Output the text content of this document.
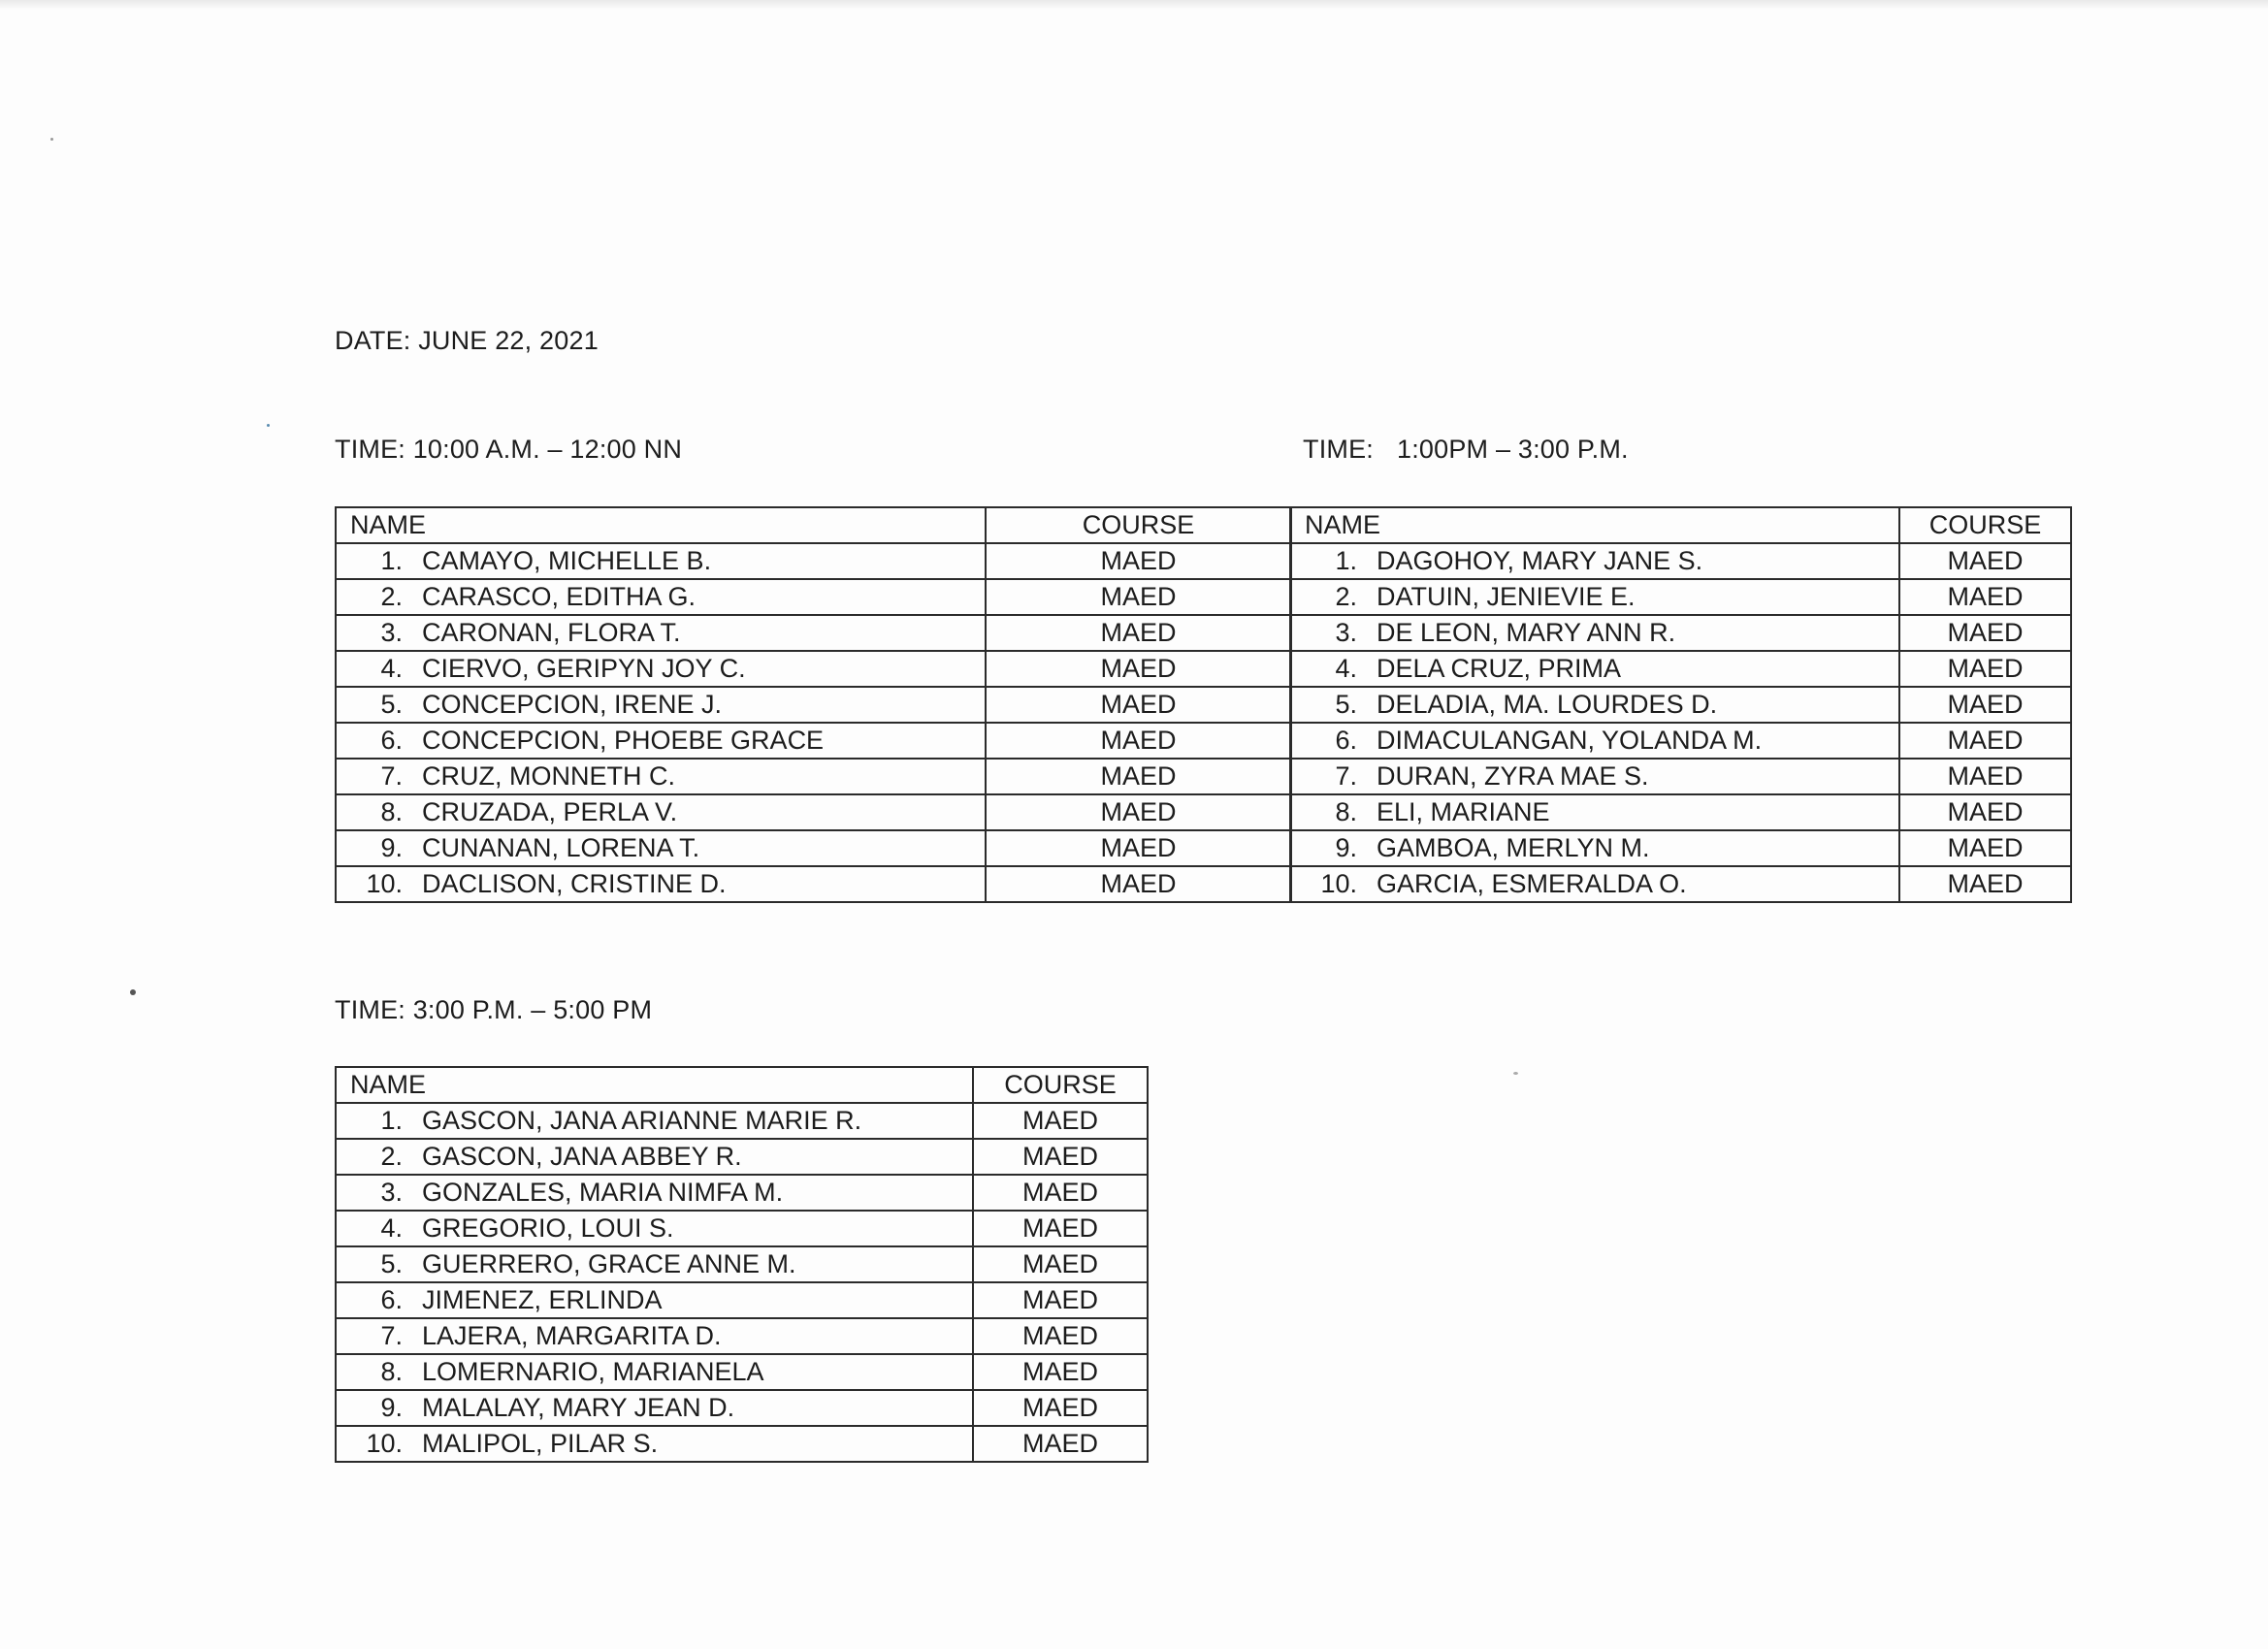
DATE: JUNE 22, 2021
TIME: 10:00 A.M. – 12:00 NN	TIME: 1:00PM – 3:00 P.M.
TIME: 3:00 P.M. – 5:00 PM
NAME	COURSE
1. CAMAYO, MICHELLE B.	MAED
2. CARASCO, EDITHA G.	MAED
3. CARONAN, FLORA T.	MAED
4. CIERVO, GERIPYN JOY C.	MAED
5. CONCEPCION, IRENE J.	MAED
6. CONCEPCION, PHOEBE GRACE	MAED
7. CRUZ, MONNETH C.	MAED
8. CRUZADA, PERLA V.	MAED
9. CUNANAN, LORENA T.	MAED
10. DACLISON, CRISTINE D.	MAED
NAME	COURSE
1. DAGOHOY, MARY JANE S.	MAED
2. DATUIN, JENIEVIE E.	MAED
3. DE LEON, MARY ANN R.	MAED
4. DELA CRUZ, PRIMA	MAED
5. DELADIA, MA. LOURDES D.	MAED
6. DIMACULANGAN, YOLANDA M.	MAED
7. DURAN, ZYRA MAE S.	MAED
8. ELI, MARIANE	MAED
9. GAMBOA, MERLYN M.	MAED
10. GARCIA, ESMERALDA O.	MAED
NAME	COURSE
1. GASCON, JANA ARIANNE MARIE R.	MAED
2. GASCON, JANA ABBEY R.	MAED
3. GONZALES, MARIA NIMFA M.	MAED
4. GREGORIO, LOUI S.	MAED
5. GUERRERO, GRACE ANNE M.	MAED
6. JIMENEZ, ERLINDA	MAED
7. LAJERA, MARGARITA D.	MAED
8. LOMERNARIO, MARIANELA	MAED
9. MALALAY, MARY JEAN D.	MAED
10. MALIPOL, PILAR S.	MAED
